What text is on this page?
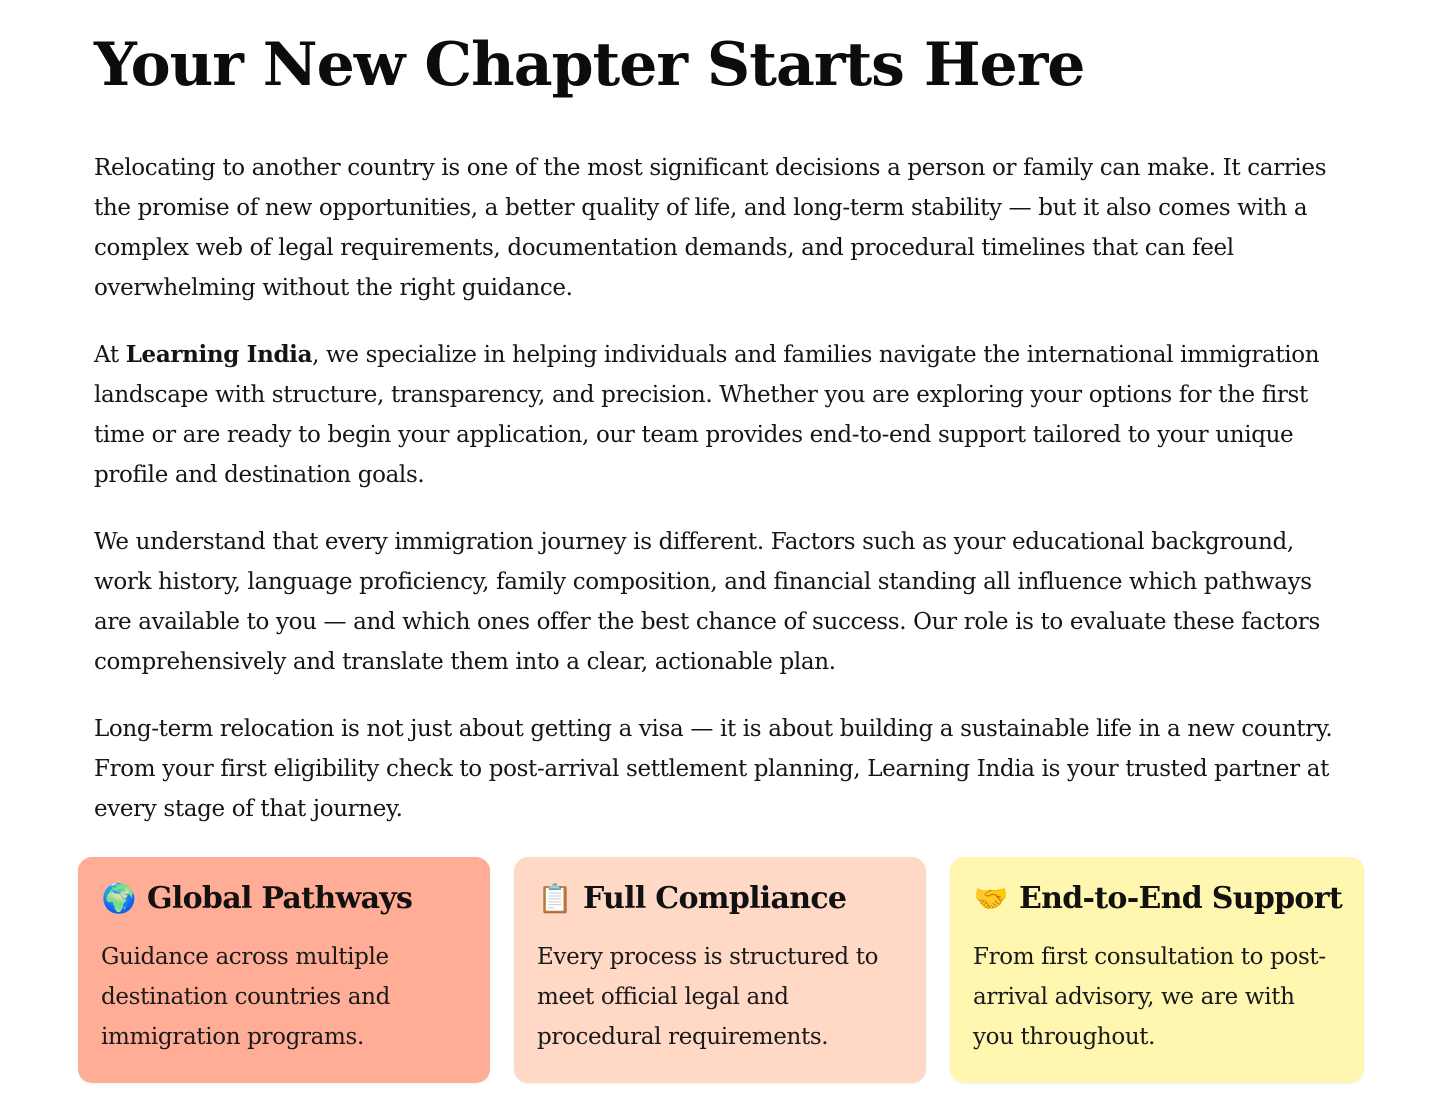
Your New Chapter Starts Here

Relocating to another country is one of the most significant decisions a person or family can make. It carries the promise of new opportunities, a better quality of life, and long-term stability — but it also comes with a complex web of legal requirements, documentation demands, and procedural timelines that can feel overwhelming without the right guidance.

At Learning India, we specialize in helping individuals and families navigate the international immigration landscape with structure, transparency, and precision. Whether you are exploring your options for the first time or are ready to begin your application, our team provides end-to-end support tailored to your unique profile and destination goals.

We understand that every immigration journey is different. Factors such as your educational background, work history, language proficiency, family composition, and financial standing all influence which pathways are available to you — and which ones offer the best chance of success. Our role is to evaluate these factors comprehensively and translate them into a clear, actionable plan.

Long-term relocation is not just about getting a visa — it is about building a sustainable life in a new country. From your first eligibility check to post-arrival settlement planning, Learning India is your trusted partner at every stage of that journey.

🌍 Global Pathways

Guidance across multiple destination countries and immigration programs.

📋 Full Compliance

Every process is structured to meet official legal and procedural requirements.

🤝 End-to-End Support

From first consultation to post-arrival advisory, we are with you throughout.
